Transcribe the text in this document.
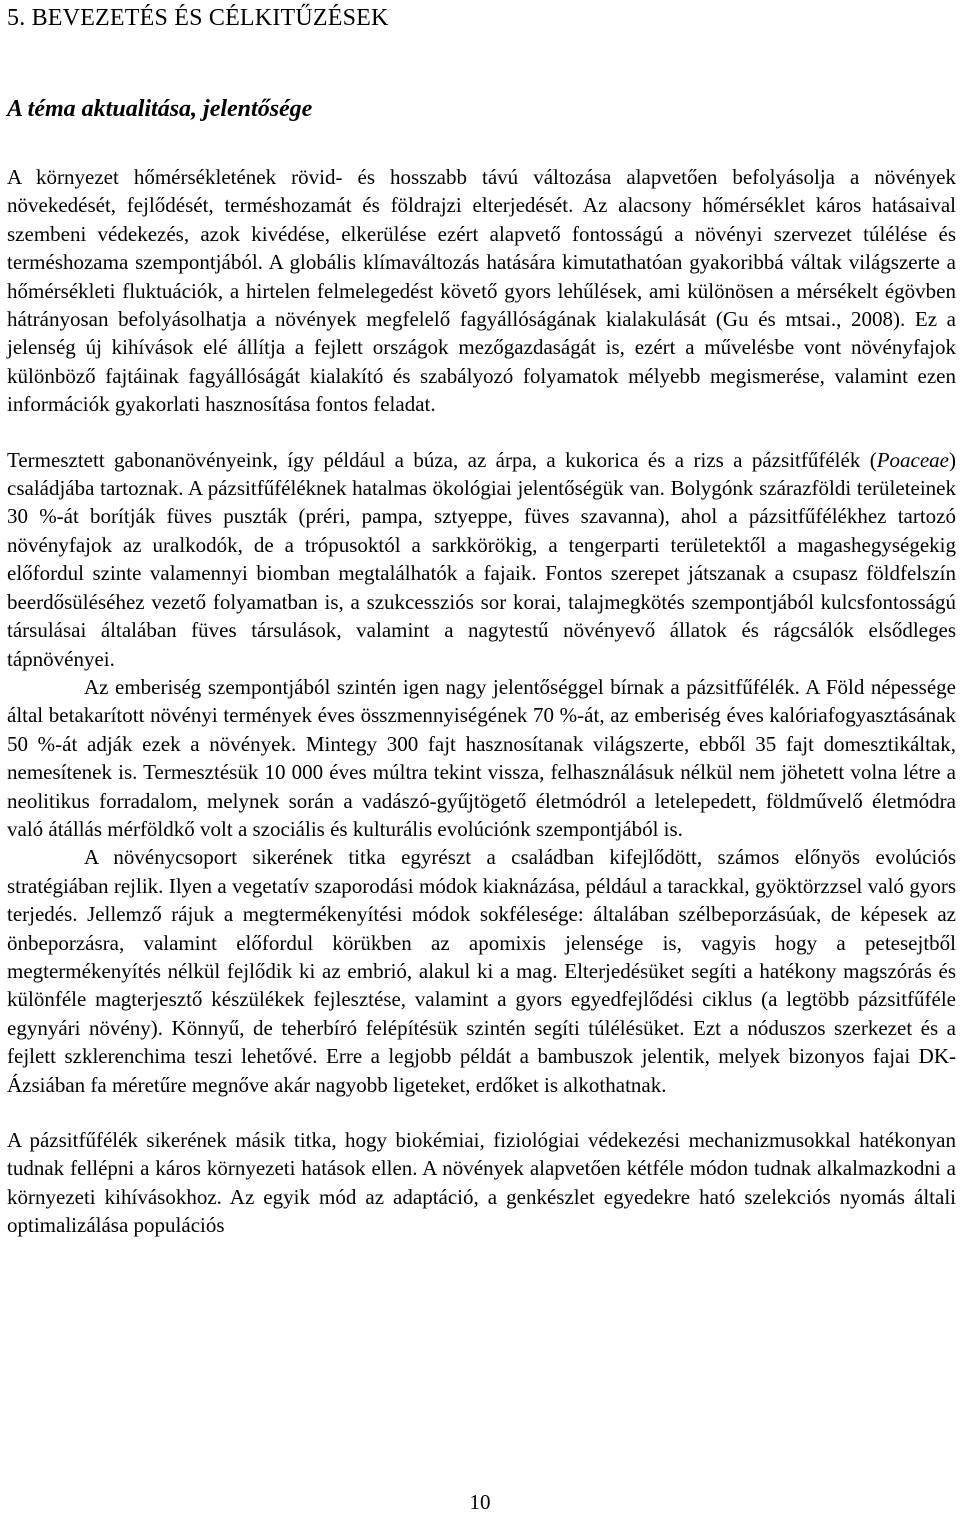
5. BEVEZETÉS ÉS CÉLKITŰZÉSEK
A téma aktualitása, jelentősége

A környezet hőmérsékletének rövid- és hosszabb távú változása alapvetően befolyásolja a növények növekedését, fejlődését, terméshozamát és földrajzi elterjedését. Az alacsony hőmérséklet káros hatásaival szembeni védekezés, azok kivédése, elkerülése ezért alapvető fontosságú a növényi szervezet túlélése és terméshozama szempontjából. A globális klímaváltozás hatására kimutathatóan gyakoribbá váltak világszerte a hőmérsékleti fluktuációk, a hirtelen felmelegedést követő gyors lehűlések, ami különösen a mérsékelt égövben hátrányosan befolyásolhatja a növények megfelelő fagyállóságának kialakulását (Gu és mtsai., 2008). Ez a jelenség új kihívások elé állítja a fejlett országok mezőgazdaságát is, ezért a művelésbe vont növényfajok különböző fajtáinak fagyállóságát kialakító és szabályozó folyamatok mélyebb megismerése, valamint ezen információk gyakorlati hasznosítása fontos feladat.

Termesztett gabonanövényeink, így például a búza, az árpa, a kukorica és a rizs a pázsitfűfélék (Poaceae) családjába tartoznak. A pázsitfűféléknek hatalmas ökológiai jelentőségük van. Bolygónk szárazföldi területeinek 30 %-át borítják füves puszták (préri, pampa, sztyeppe, füves szavanna), ahol a pázsitfűfélékhez tartozó növényfajok az uralkodók, de a trópusoktól a sarkkörökig, a tengerparti területektől a magashegységekig előfordul szinte valamennyi biomban megtalálhatók a fajaik. Fontos szerepet játszanak a csupasz földfelszín beerdősüléséhez vezető folyamatban is, a szukcessziós sor korai, talajmegkötés szempontjából kulcsfontosságú társulásai általában füves társulások, valamint a nagytestű növényevő állatok és rágcsálók elsődleges tápnövényei.

Az emberiség szempontjából szintén igen nagy jelentőséggel bírnak a pázsitfűfélék. A Föld népessége által betakarított növényi termények éves összmennyiségének 70 %-át, az emberiség éves kalóriafogyasztásának 50 %-át adják ezek a növények. Mintegy 300 fajt hasznosítanak világszerte, ebből 35 fajt domesztikáltak, nemesítenek is. Termesztésük 10 000 éves múltra tekint vissza, felhasználásuk nélkül nem jöhetett volna létre a neolitikus forradalom, melynek során a vadászó-gyűjtögető életmódról a letelepedett, földművelő életmódra való átállás mérföldkő volt a szociális és kulturális evolúciónk szempontjából is.

A növénycsoport sikerének titka egyrészt a családban kifejlődött, számos előnyös evolúciós stratégiában rejlik. Ilyen a vegetatív szaporodási módok kiaknázása, például a tarackkal, gyöktörzzsel való gyors terjedés. Jellemző rájuk a megtermékenyítési módok sokfélesége: általában szélbeporzásúak, de képesek az önbeporzásra, valamint előfordul körükben az apomixis jelensége is, vagyis hogy a petesejtből megtermékenyítés nélkül fejlődik ki az embrió, alakul ki a mag. Elterjedésüket segíti a hatékony magszórás és különféle magterjesztő készülékek fejlesztése, valamint a gyors egyedfejlődési ciklus (a legtöbb pázsitfűféle egynyári növény). Könnyű, de teherbíró felépítésük szintén segíti túlélésüket. Ezt a nóduszos szerkezet és a fejlett szklerenchima teszi lehetővé. Erre a legjobb példát a bambuszok jelentik, melyek bizonyos fajai DK-Ázsiában fa méretűre megnőve akár nagyobb ligeteket, erdőket is alkothatnak.

A pázsitfűfélék sikerének másik titka, hogy biokémiai, fiziológiai védekezési mechanizmusokkal hatékonyan tudnak fellépni a káros környezeti hatások ellen. A növények alapvetően kétféle módon tudnak alkalmazkodni a környezeti kihívásokhoz. Az egyik mód az adaptáció, a genkészlet egyedekre ható szelekciós nyomás általi optimalizálása populációs

10
